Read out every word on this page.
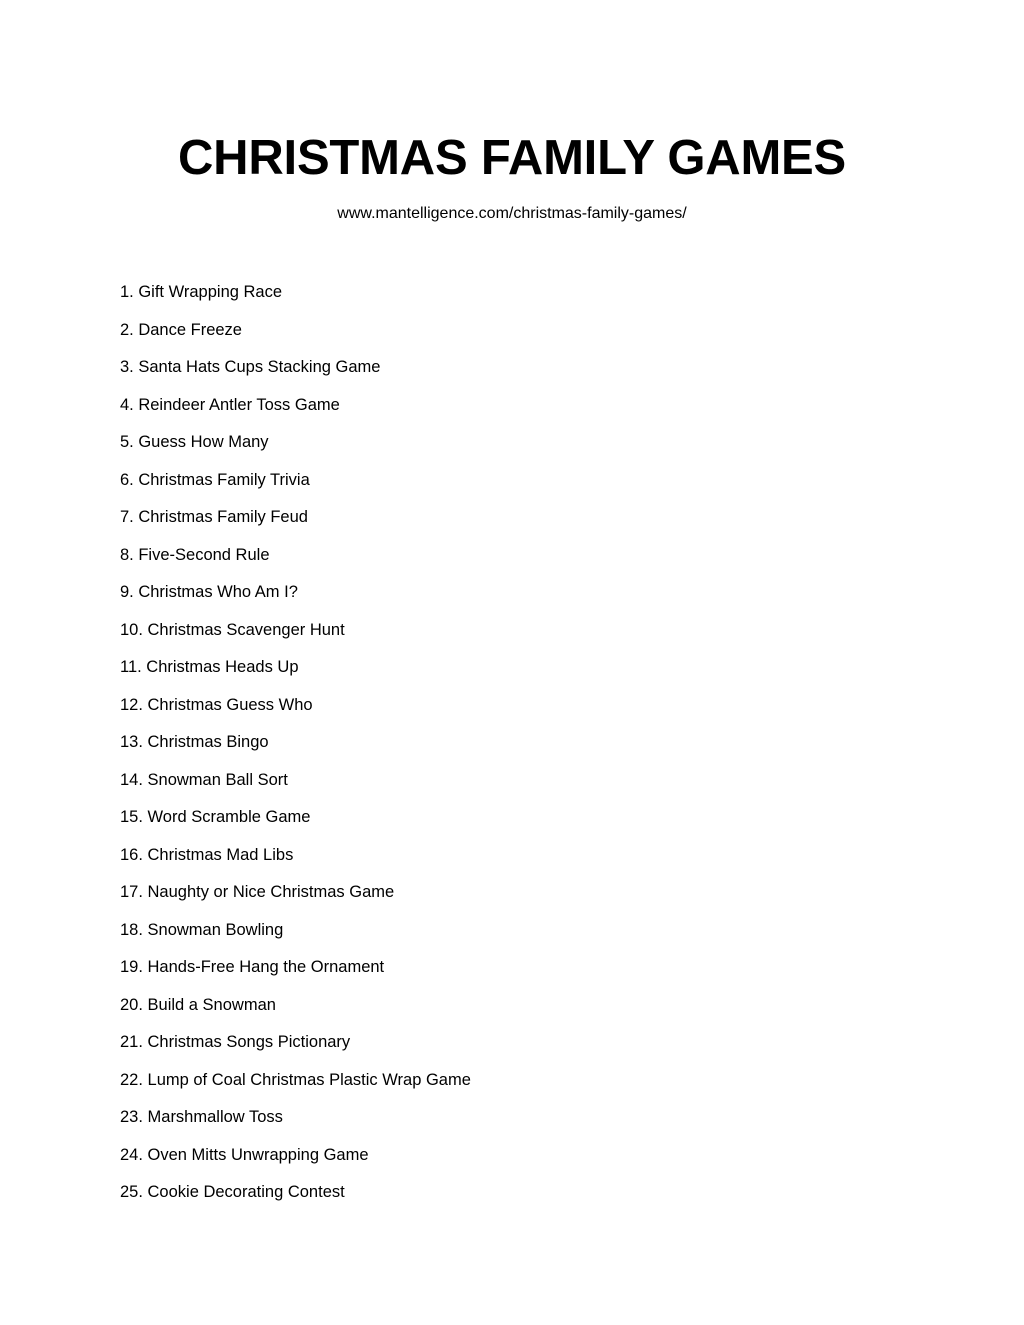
CHRISTMAS FAMILY GAMES
www.mantelligence.com/christmas-family-games/
1. Gift Wrapping Race
2. Dance Freeze
3. Santa Hats Cups Stacking Game
4. Reindeer Antler Toss Game
5. Guess How Many
6. Christmas Family Trivia
7. Christmas Family Feud
8. Five-Second Rule
9. Christmas Who Am I?
10. Christmas Scavenger Hunt
11. Christmas Heads Up
12. Christmas Guess Who
13. Christmas Bingo
14. Snowman Ball Sort
15. Word Scramble Game
16. Christmas Mad Libs
17. Naughty or Nice Christmas Game
18. Snowman Bowling
19. Hands-Free Hang the Ornament
20. Build a Snowman
21. Christmas Songs Pictionary
22. Lump of Coal Christmas Plastic Wrap Game
23. Marshmallow Toss
24. Oven Mitts Unwrapping Game
25. Cookie Decorating Contest
